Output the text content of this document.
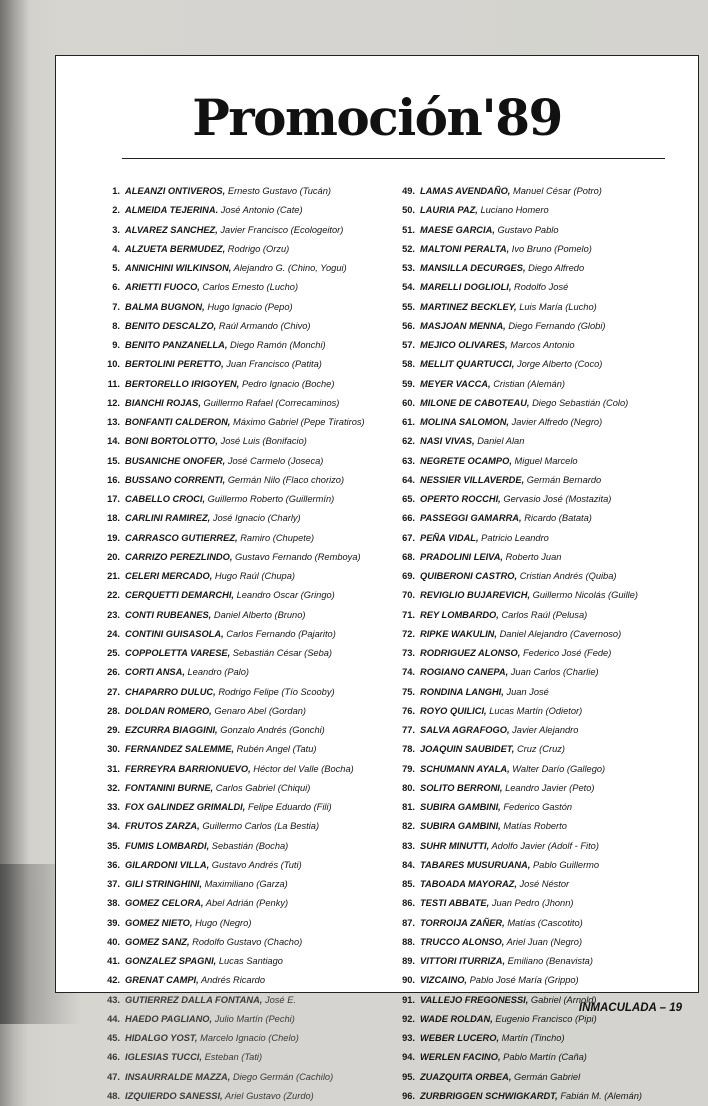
Promoción'89
1. ALEANZI ONTIVEROS, Ernesto Gustavo (Tucán)
2. ALMEIDA TEJERINA. José Antonio (Cate)
3. ALVAREZ SANCHEZ, Javier Francisco (Ecologeitor)
4. ALZUETA BERMUDEZ, Rodrigo (Orzu)
5. ANNICHINI WILKINSON, Alejandro G. (Chino, Yogui)
6. ARIETTI FUOCO, Carlos Ernesto (Lucho)
7. BALMA BUGNON, Hugo Ignacio (Pepo)
8. BENITO DESCALZO, Raúl Armando (Chivo)
9. BENITO PANZANELLA, Diego Ramón (Monchi)
10. BERTOLINI PERETTO, Juan Francisco (Patita)
11. BERTORELLO IRIGOYEN, Pedro Ignacio (Boche)
12. BIANCHI ROJAS, Guillermo Rafael (Correcaminos)
13. BONFANTI CALDERON, Máximo Gabriel (Pepe Tiratiros)
14. BONI BORTOLOTTO, José Luis (Bonifacio)
15. BUSANICHE ONOFER, José Carmelo (Joseca)
16. BUSSANO CORRENTI, Germán Nilo (Flaco chorizo)
17. CABELLO CROCI, Guillermo Roberto (Guillermín)
18. CARLINI RAMIREZ, José Ignacio (Charly)
19. CARRASCO GUTIERREZ, Ramiro (Chupete)
20. CARRIZO PEREZLINDO, Gustavo Fernando (Remboya)
21. CELERI MERCADO, Hugo Raúl (Chupa)
22. CERQUETTI DEMARCHI, Leandro Oscar (Gringo)
23. CONTI RUBEANES, Daniel Alberto (Bruno)
24. CONTINI GUISASOLA, Carlos Fernando (Pajarito)
25. COPPOLETTA VARESE, Sebastián César (Seba)
26. CORTI ANSA, Leandro (Palo)
27. CHAPARRO DULUC, Rodrigo Felipe (Tío Scooby)
28. DOLDAN ROMERO, Genaro Abel (Gordan)
29. EZCURRA BIAGGINI, Gonzalo Andrés (Gonchi)
30. FERNANDEZ SALEMME, Rubén Angel (Tatu)
31. FERREYRA BARRIONUEVO, Héctor del Valle (Bocha)
32. FONTANINI BURNE, Carlos Gabriel (Chiqui)
33. FOX GALINDEZ GRIMALDI, Felipe Eduardo (Fili)
34. FRUTOS ZARZA, Guillermo Carlos (La Bestia)
35. FUMIS LOMBARDI, Sebastián (Bocha)
36. GILARDONI VILLA, Gustavo Andrés (Tuti)
37. GILI STRINGHINI, Maximiliano (Garza)
38. GOMEZ CELORA, Abel Adrián (Penky)
39. GOMEZ NIETO, Hugo (Negro)
40. GOMEZ SANZ, Rodolfo Gustavo (Chacho)
41. GONZALEZ SPAGNI, Lucas Santiago
42. GRENAT CAMPI, Andrés Ricardo
43. GUTIERREZ DALLA FONTANA, José E.
44. HAEDO PAGLIANO, Julio Martín (Pechi)
45. HIDALGO YOST, Marcelo Ignacio (Chelo)
46. IGLESIAS TUCCI, Esteban (Tati)
47. INSAURRALDE MAZZA, Diego Germán (Cachilo)
48. IZQUIERDO SANESSI, Ariel Gustavo (Zurdo)
49. LAMAS AVENDAÑO, Manuel César (Potro)
50. LAURIA PAZ, Luciano Homero
51. MAESE GARCIA, Gustavo Pablo
52. MALTONI PERALTA, Ivo Bruno (Pomelo)
53. MANSILLA DECURGES, Diego Alfredo
54. MARELLI DOGLIOLI, Rodolfo José
55. MARTINEZ BECKLEY, Luis María (Lucho)
56. MASJOAN MENNA, Diego Fernando (Globi)
57. MEJICO OLIVARES, Marcos Antonio
58. MELLIT QUARTUCCI, Jorge Alberto (Coco)
59. MEYER VACCA, Cristian (Alemán)
60. MILONE DE CABOTEAU, Diego Sebastián (Colo)
61. MOLINA SALOMON, Javier Alfredo (Negro)
62. NASI VIVAS, Daniel Alan
63. NEGRETE OCAMPO, Miguel Marcelo
64. NESSIER VILLAVERDE, Germán Bernardo
65. OPERTO ROCCHI, Gervasio José (Mostazita)
66. PASSEGGI GAMARRA, Ricardo (Batata)
67. PEÑA VIDAL, Patricio Leandro
68. PRADOLINI LEIVA, Roberto Juan
69. QUIBERONI CASTRO, Cristian Andrés (Quiba)
70. REVIGLIO BUJAREVICH, Guillermo Nicolás (Guille)
71. REY LOMBARDO, Carlos Raúl (Pelusa)
72. RIPKE WAKULIN, Daniel Alejandro (Cavernoso)
73. RODRIGUEZ ALONSO, Federico José (Fede)
74. ROGIANO CANEPA, Juan Carlos (Charlie)
75. RONDINA LANGHI, Juan José
76. ROYO QUILICI, Lucas Martín (Odietor)
77. SALVA AGRAFOGO, Javier Alejandro
78. JOAQUIN SAUBIDET, Cruz (Cruz)
79. SCHUMANN AYALA, Walter Darío (Gallego)
80. SOLITO BERRONI, Leandro Javier (Peto)
81. SUBIRA GAMBINI, Federico Gastón
82. SUBIRA GAMBINI, Matías Roberto
83. SUHR MINUTTI, Adolfo Javier (Adolf - Fito)
84. TABARES MUSURUANA, Pablo Guillermo
85. TABOADA MAYORAZ, José Néstor
86. TESTI ABBATE, Juan Pedro (Jhonn)
87. TORROIJA ZAÑER, Matías (Cascotito)
88. TRUCCO ALONSO, Ariel Juan (Negro)
89. VITTORI ITURRIZA, Emiliano (Benavista)
90. VIZCAINO, Pablo José María (Grippo)
91. VALLEJO FREGONESSI, Gabriel (Arnold)
92. WADE ROLDAN, Eugenio Francisco (Pipi)
93. WEBER LUCERO, Martín (Tincho)
94. WERLEN FACINO, Pablo Martín (Caña)
95. ZUAZQUITA ORBEA, Germán Gabriel
96. ZURBRIGGEN SCHWIGKARDT, Fabián M. (Alemán)
INMACULADA – 19
